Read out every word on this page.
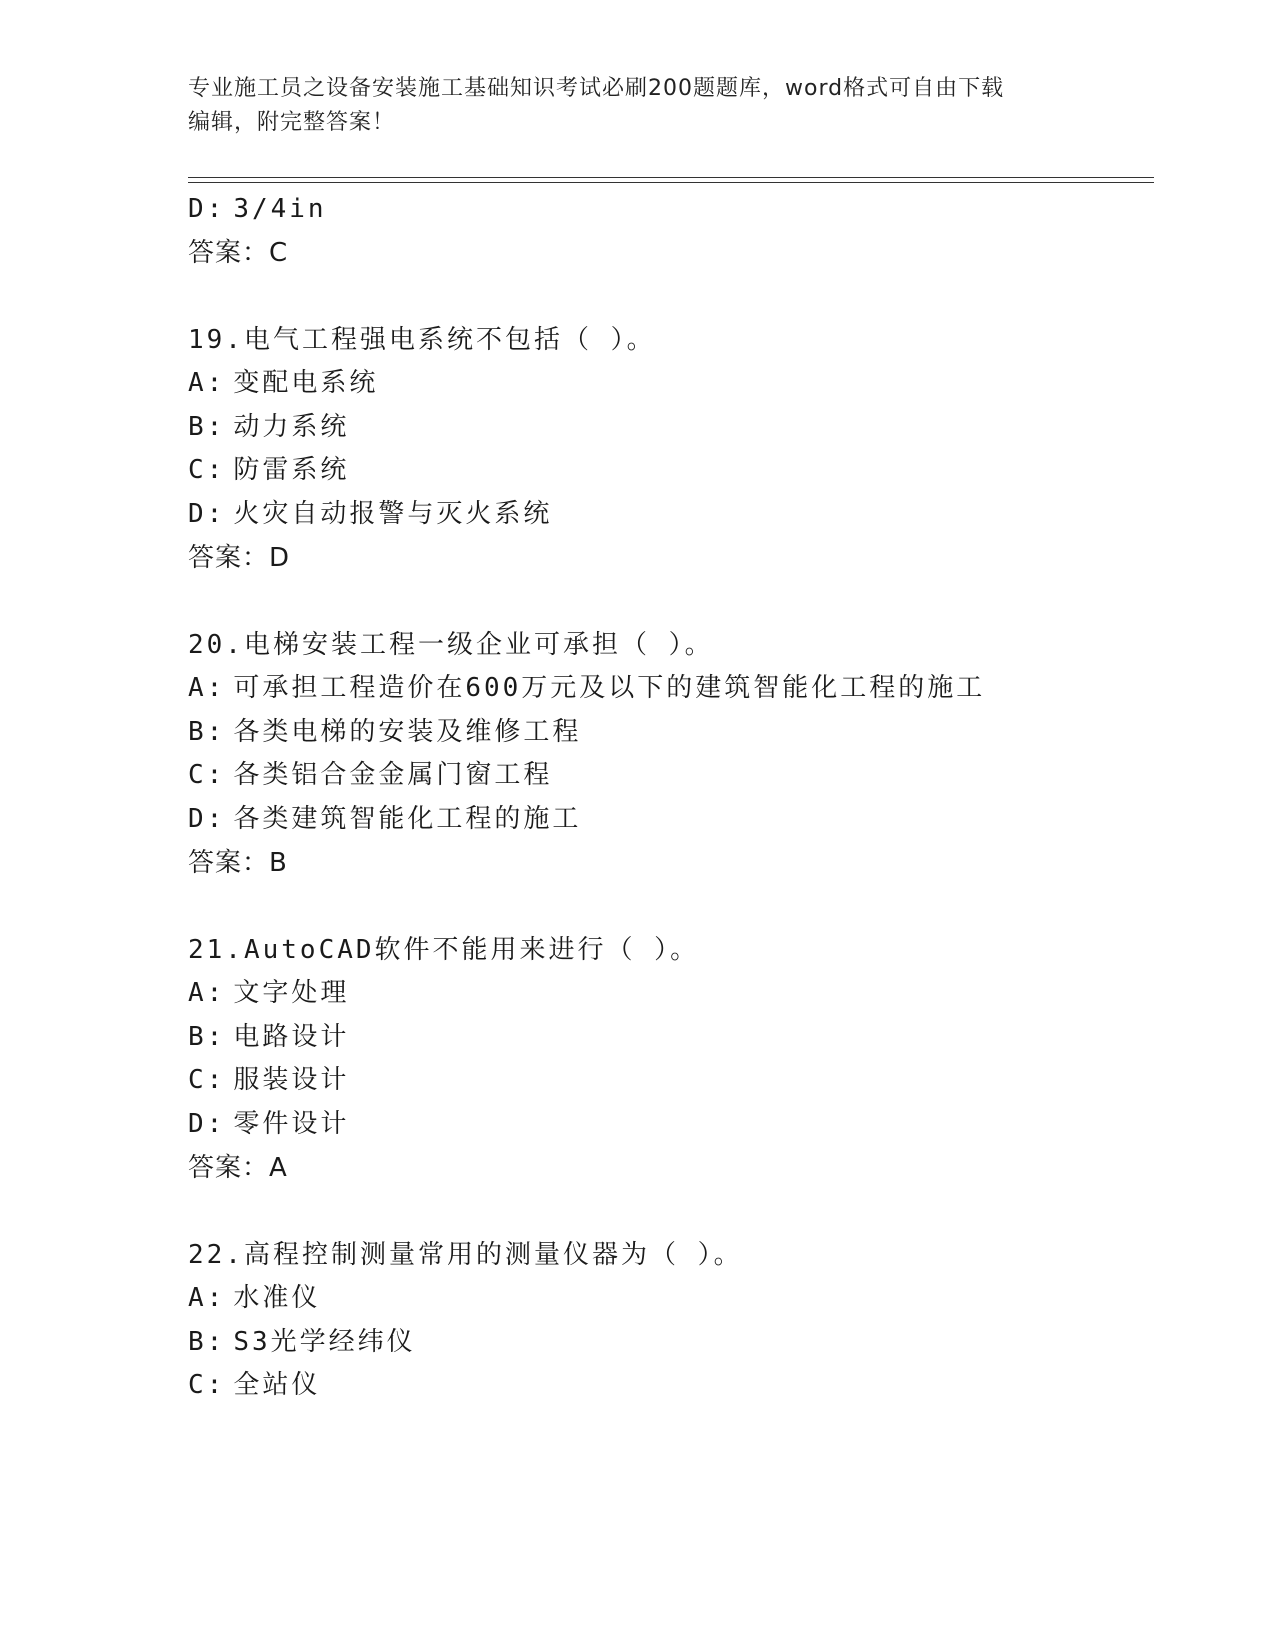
专业施工员之设备安装施工基础知识考试必刷200题题库，word格式可自由下载
编辑，附完整答案！
D: 3/4in
答案：C
19.电气工程强电系统不包括（ ）。
A: 变配电系统
B: 动力系统
C: 防雷系统
D: 火灾自动报警与灭火系统
答案：D
20.电梯安装工程一级企业可承担（ ）。
A: 可承担工程造价在600万元及以下的建筑智能化工程的施工
B: 各类电梯的安装及维修工程
C: 各类铝合金金属门窗工程
D: 各类建筑智能化工程的施工
答案：B
21.AutoCAD软件不能用来进行（ ）。
A: 文字处理
B: 电路设计
C: 服装设计
D: 零件设计
答案：A
22.高程控制测量常用的测量仪器为（ ）。
A: 水准仪
B: S3光学经纬仪
C: 全站仪
